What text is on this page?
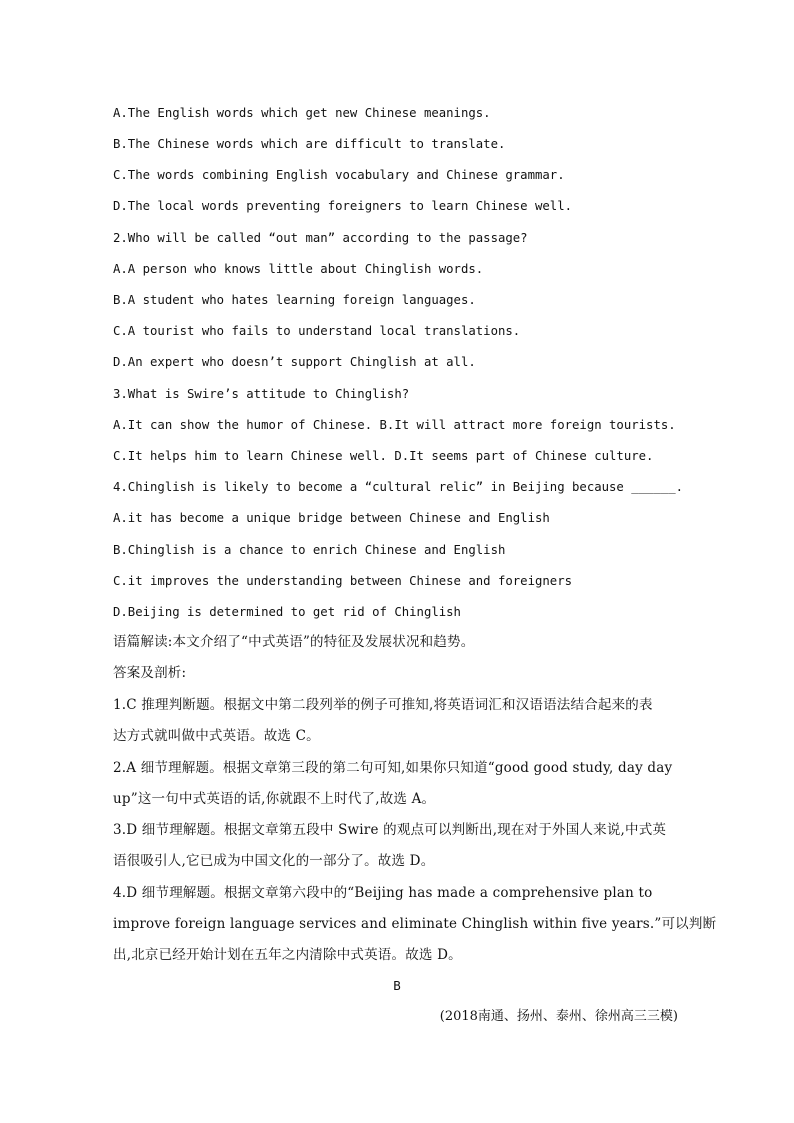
A.The English words which get new Chinese meanings.
B.The Chinese words which are difficult to translate.
C.The words combining English vocabulary and Chinese grammar.
D.The local words preventing foreigners to learn Chinese well.
2.Who will be called “out man” according to the passage?
A.A person who knows little about Chinglish words.
B.A student who hates learning foreign languages.
C.A tourist who fails to understand local translations.
D.An expert who doesn’t support Chinglish at all.
3.What is Swire’s attitude to Chinglish?
A.It can show the humor of Chinese. B.It will attract more foreign tourists.
C.It helps him to learn Chinese well. D.It seems part of Chinese culture.
4.Chinglish is likely to become a “cultural relic” in Beijing because ______.
A.it has become a unique bridge between Chinese and English
B.Chinglish is a chance to enrich Chinese and English
C.it improves the understanding between Chinese and foreigners
D.Beijing is determined to get rid of Chinglish
语篇解读:本文介绍了“中式英语”的特征及发展状况和趋势。
答案及剖析:
1.C 推理判断题。根据文中第二段列举的例子可推知,将英语词汇和汉语语法结合起来的表
达方式就叫做中式英语。故选 C。
2.A 细节理解题。根据文章第三段的第二句可知,如果你只知道“good good study, day day
up”这一句中式英语的话,你就跟不上时代了,故选 A。
3.D 细节理解题。根据文章第五段中 Swire 的观点可以判断出,现在对于外国人来说,中式英
语很吸引人,它已成为中国文化的一部分了。故选 D。
4.D 细节理解题。根据文章第六段中的“Beijing has made a comprehensive plan to
improve foreign language services and eliminate Chinglish within five years.”可以判断
出,北京已经开始计划在五年之内清除中式英语。故选 D。
B
(2018南通、扬州、泰州、徐州高三三模)
